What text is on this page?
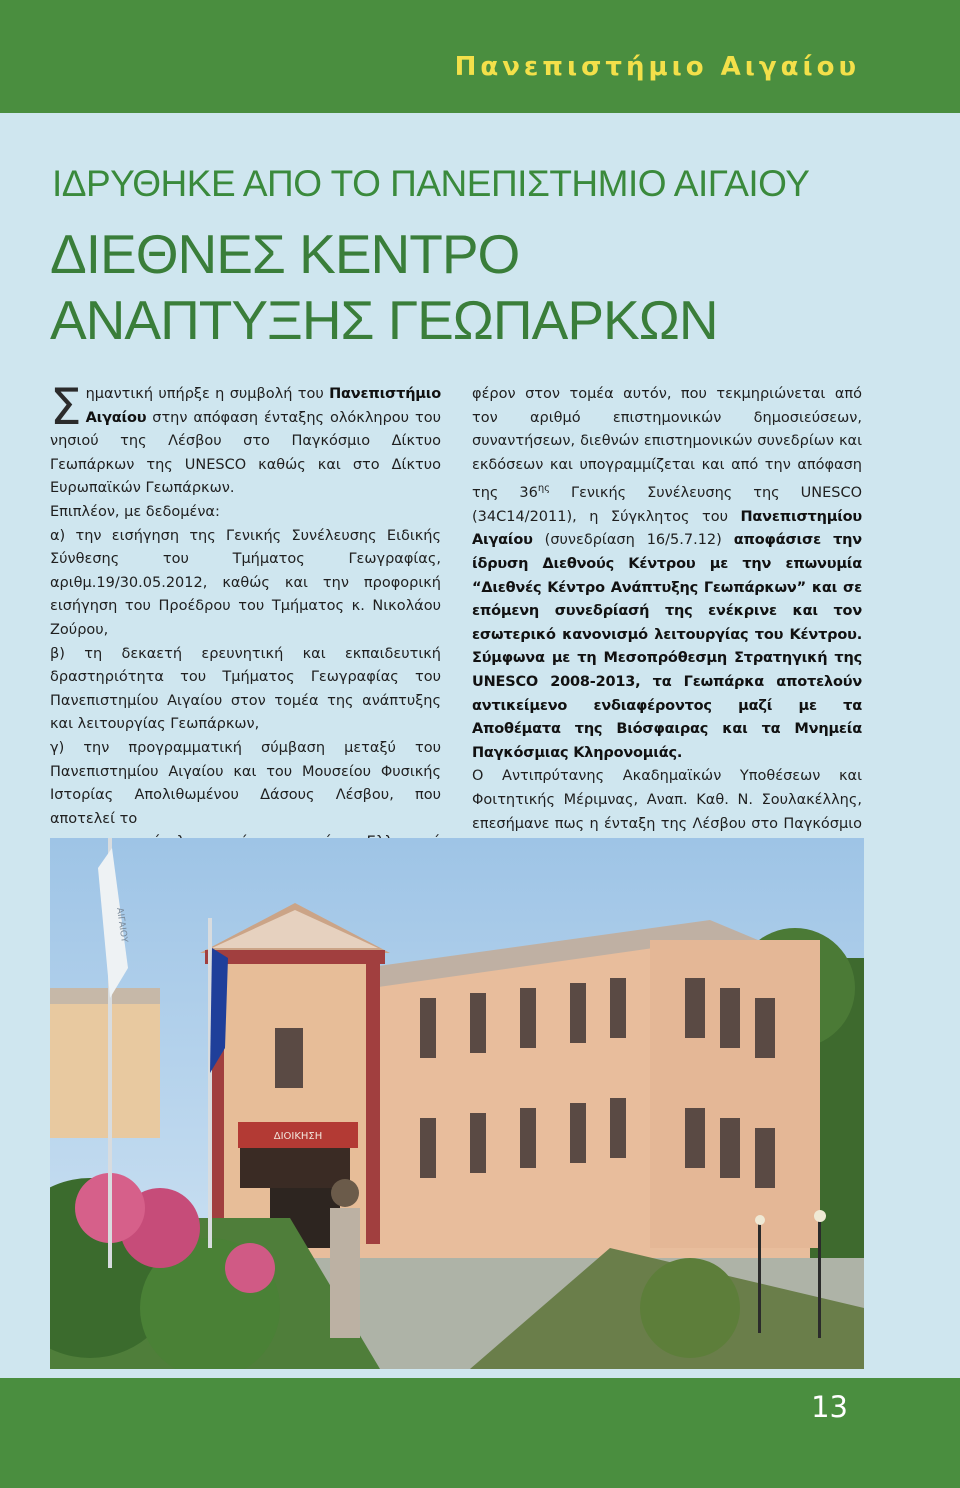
Πανεπιστήμιο Αιγαίου
ΙΔΡΥΘΗΚΕ ΑΠΟ ΤΟ ΠΑΝΕΠΙΣΤΗΜΙΟ ΑΙΓΑΙΟΥ
ΔΙΕΘΝΕΣ ΚΕΝΤΡΟ
ΑΝΑΠΤΥΞΗΣ ΓΕΩΠΑΡΚΩΝ

Σημαντική υπήρξε η συμβολή του Πανεπιστήμιο Αιγαίου στην απόφαση ένταξης ολόκληρου του νησιού της Λέσβου στο Παγκόσμιο Δίκτυο Γεωπάρκων της UNESCO καθώς και στο Δίκτυο Ευρωπαϊκών Γεωπάρκων.

Επιπλέον, με δεδομένα:

α) την εισήγηση της Γενικής Συνέλευσης Ειδικής Σύνθεσης του Τμήματος Γεωγραφίας, αριθμ.19/30.05.2012, καθώς και την προφορική εισήγηση του Προέδρου του Τμήματος κ. Νικολάου Ζούρου,

β) τη δεκαετή ερευνητική και εκπαιδευτική δραστηριότητα του Τμήματος Γεωγραφίας του Πανεπιστημίου Αιγαίου στον τομέα της ανάπτυξης και λειτουργίας Γεωπάρκων,

γ) την προγραμματική σύμβαση μεταξύ του Πανεπιστημίου Αιγαίου και του Μουσείου Φυσικής Ιστορίας Απολιθωμένου Δάσους Λέσβου, που αποτελεί το

φέρον στον τομέα αυτόν, που τεκμηριώνεται από τον αριθμό επιστημονικών δημοσιεύσεων, συναντήσεων, διεθνών επιστημονικών συνεδρίων και εκδόσεων και υπογραμμίζεται και από την απόφαση της $36^{\eta\varsigma}$ Γενικής Συνέλευσης της UNESCO (34C14/2011), η Σύγκλητος του Πανεπιστημίου Αιγαίου (συνεδρίαση 16/5.7.12) αποφάσισε την ίδρυση Διεθνούς Κέντρου με την επωνυμία “Διεθνές Κέντρο Ανάπτυξης Γεωπάρκων” και σε επόμενη συνεδρίασή της ενέκρινε και τον εσωτερικό κανονισμό λειτουργίας του Κέντρου. Σύμφωνα με τη Μεσοπρόθεσμη Στρατηγική της UNESCO 2008-2013, τα Γεωπάρκα αποτελούν αντικείμενο ενδιαφέροντος μαζί με τα Αποθέματα της Βιόσφαιρας και τα Μνημεία Παγκόσμιας Κληρονομιάς.

Ο Αντιπρύτανης Ακαδημαϊκών Υποθέσεων και Φοιτητικής Μέριμνας, Αναπ. Καθ. Ν. Σουλακέλλης, επεσήμανε πως η ένταξη της Λέσβου στο Παγκόσμιο

ΔΙΟΙΚΗΣΗ
ΑΙΓΑΙΟΥ
13
